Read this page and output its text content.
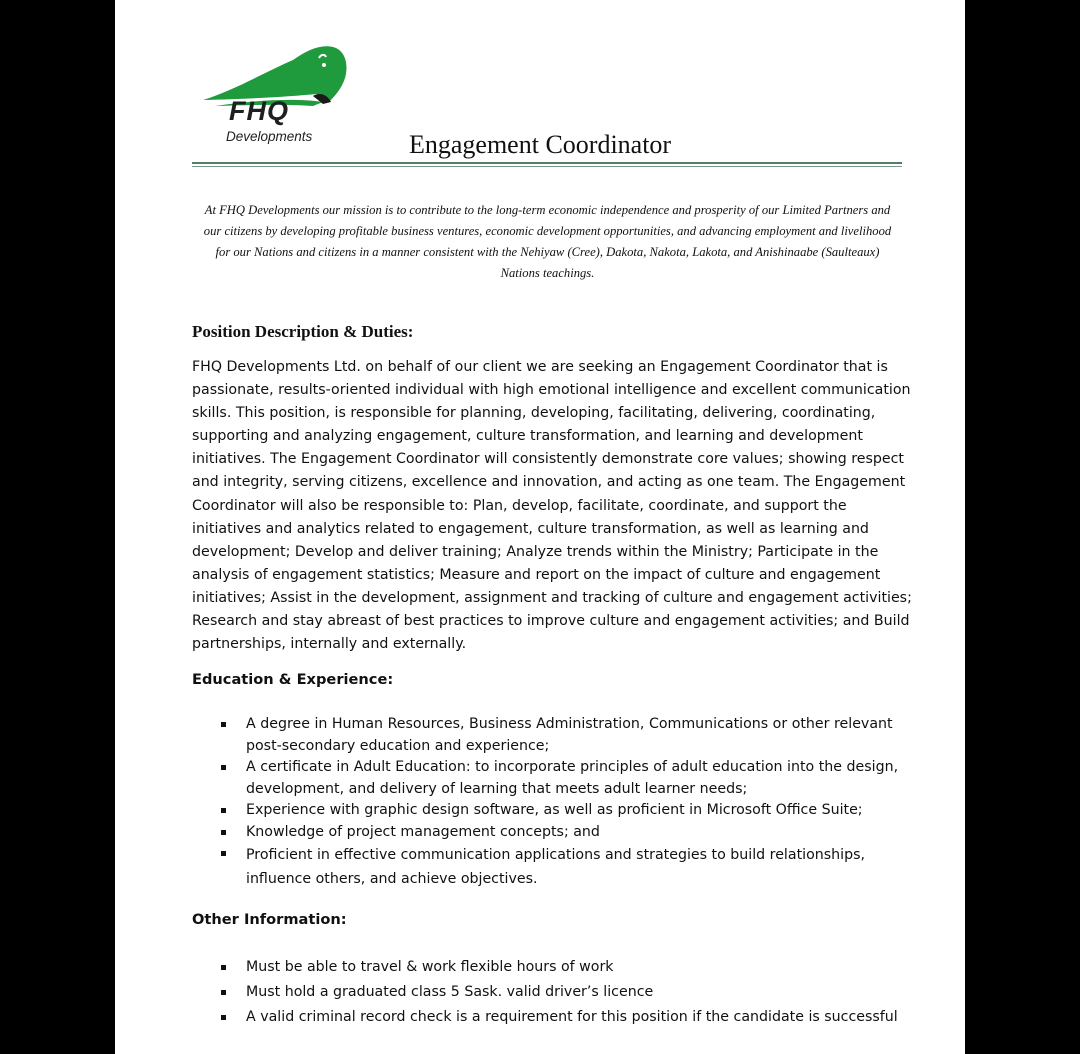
FHQ
Developments	Engagement Coordinator
At FHQ Developments our mission is to contribute to the long-term economic independence and prosperity of our Limited Partners and our citizens by developing profitable business ventures, economic development opportunities, and advancing employment and livelihood for our Nations and citizens in a manner consistent with the Nehiyaw (Cree), Dakota, Nakota, Lakota, and Anishinaabe (Saulteaux) Nations teachings.
Position Description & Duties:

FHQ Developments Ltd. on behalf of our client we are seeking an Engagement Coordinator that is passionate, results-oriented individual with high emotional intelligence and excellent communication skills. This position, is responsible for planning, developing, facilitating, delivering, coordinating, supporting and analyzing engagement, culture transformation, and learning and development initiatives. The Engagement Coordinator will consistently demonstrate core values; showing respect and integrity, serving citizens, excellence and innovation, and acting as one team. The Engagement Coordinator will also be responsible to: Plan, develop, facilitate, coordinate, and support the initiatives and analytics related to engagement, culture transformation, as well as learning and development; Develop and deliver training; Analyze trends within the Ministry; Participate in the analysis of engagement statistics; Measure and report on the impact of culture and engagement initiatives; Assist in the development, assignment and tracking of culture and engagement activities; Research and stay abreast of best practices to improve culture and engagement activities; and Build partnerships, internally and externally.

Education & Experience:
A degree in Human Resources, Business Administration, Communications or other relevant post-secondary education and experience;
A certificate in Adult Education: to incorporate principles of adult education into the design, development, and delivery of learning that meets adult learner needs;
Experience with graphic design software, as well as proficient in Microsoft Office Suite;
Knowledge of project management concepts; and
Proficient in effective communication applications and strategies to build relationships, influence others, and achieve objectives.
Other Information:
Must be able to travel & work flexible hours of work
Must hold a graduated class 5 Sask. valid driver’s licence
A valid criminal record check is a requirement for this position if the candidate is successful
